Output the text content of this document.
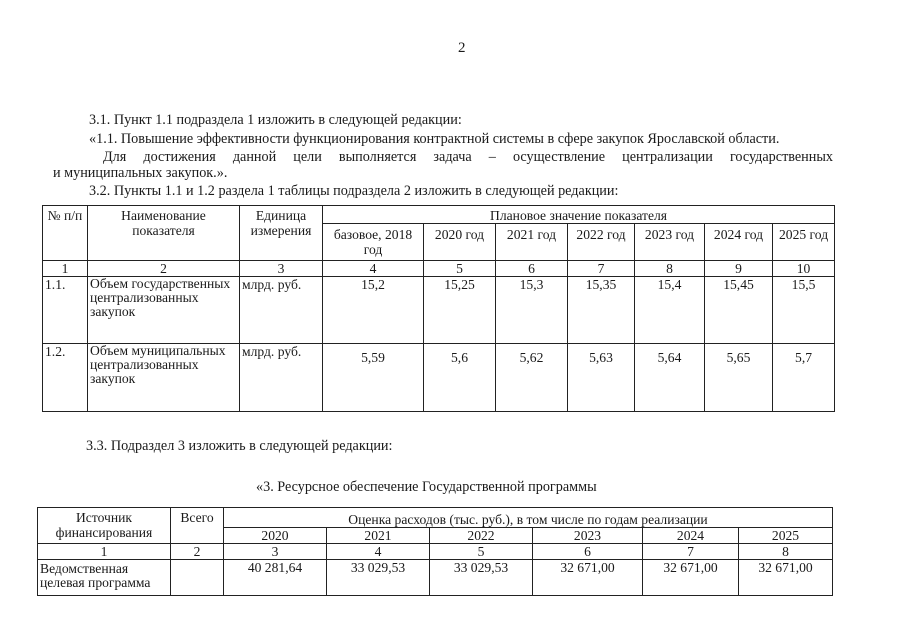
2
3.1. Пункт 1.1 подраздела 1 изложить в следующей редакции:
«1.1. Повышение эффективности функционирования контрактной системы в сфере закупок Ярославской области.
Для достижения данной цели выполняется задача – осуществление централизации государственных
и муниципальных закупок.».
3.2. Пункты 1.1 и 1.2 раздела 1 таблицы подраздела 2 изложить в следующей редакции:
№ п/п	Наименование показателя	Единица измерения	Плановое значение показателя						
			базовое, 2018 год	2020 год	2021 год	2022 год	2023 год	2024 год	2025 год
1	2	3	4	5	6	7	8	9	10
1.1.	Объем государственных централизованных закупок	млрд. руб.	15,2	15,25	15,3	15,35	15,4	15,45	15,5
1.2.	Объем муниципальных централизованных закупок	млрд. руб.	5,59	5,6	5,62	5,63	5,64	5,65	5,7
3.3. Подраздел 3 изложить в следующей редакции:
«3. Ресурсное обеспечение Государственной программы
Источник финансирования	Всего	Оценка расходов (тыс. руб.), в том числе по годам реализации					
		2020	2021	2022	2023	2024	2025
1	2	3	4	5	6	7	8
Ведомственная целевая программа		40 281,64	33 029,53	33 029,53	32 671,00	32 671,00	32 671,00
